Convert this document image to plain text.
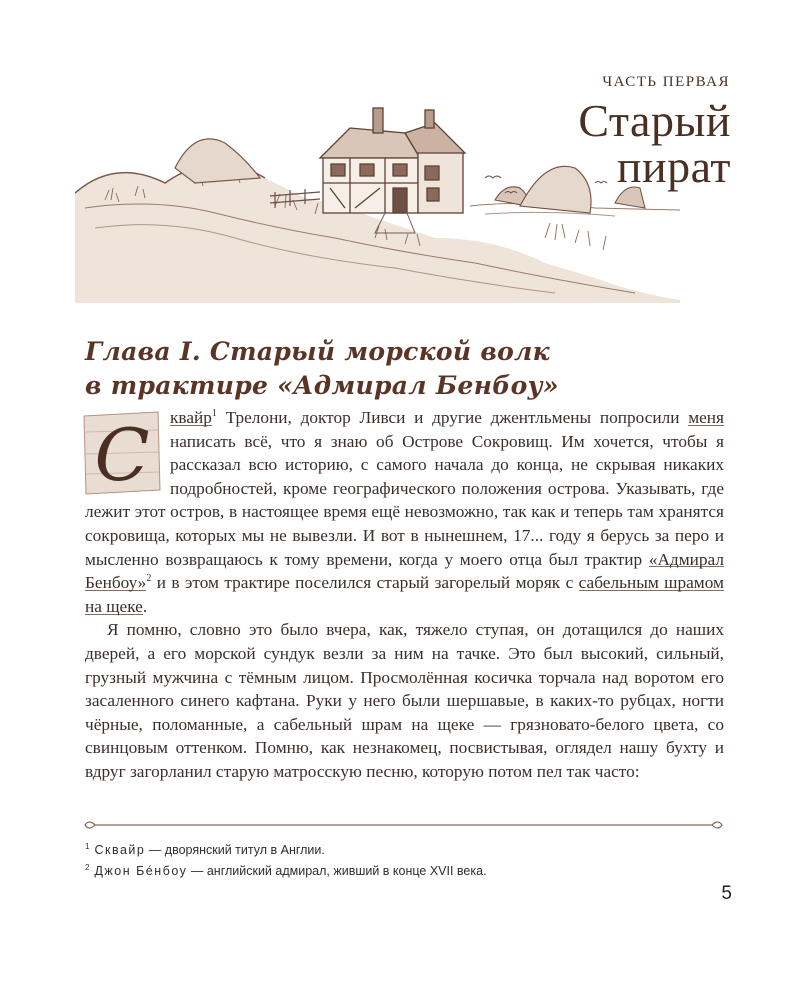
ЧАСТЬ ПЕРВАЯ
Старый
пират
Глава I. Старый морской волк
в трактире «Адмирал Бенбоу»

С квайр$^1$ Трелони, доктор Ливси и другие джентльмены попросили меня написать всё, что я знаю об Острове Сокровищ. Им хочется, чтобы я рассказал всю историю, с самого начала до конца, не скрывая никаких подробностей, кроме географического положения острова. Указывать, где лежит этот остров, в настоящее время ещё невозможно, так как и теперь там хранятся сокровища, которых мы не вывезли. И вот в нынешнем, 17... году я берусь за перо и мысленно возвращаюсь к тому времени, когда у моего отца был трактир «Адмирал Бенбоу»$^2$ и в этом трактире поселился старый загорелый моряк с сабельным шрамом на щеке.

Я помню, словно это было вчера, как, тяжело ступая, он дотащился до наших дверей, а его морской сундук везли за ним на тачке. Это был высокий, сильный, грузный мужчина с тёмным лицом. Просмолённая косичка торчала над воротом его засаленного синего кафтана. Руки у него были шершавые, в каких-то рубцах, ногти чёрные, поломанные, а сабельный шрам на щеке — грязновато-белого цвета, со свинцовым оттенком. Помню, как незнакомец, посвистывая, оглядел нашу бухту и вдруг загорланил старую матросскую песню, которую потом пел так часто:

$^1$ Сквайр — дворянский титул в Англии.
$^2$ Джон Бéнбоу — английский адмирал, живший в конце XVII века.
5
